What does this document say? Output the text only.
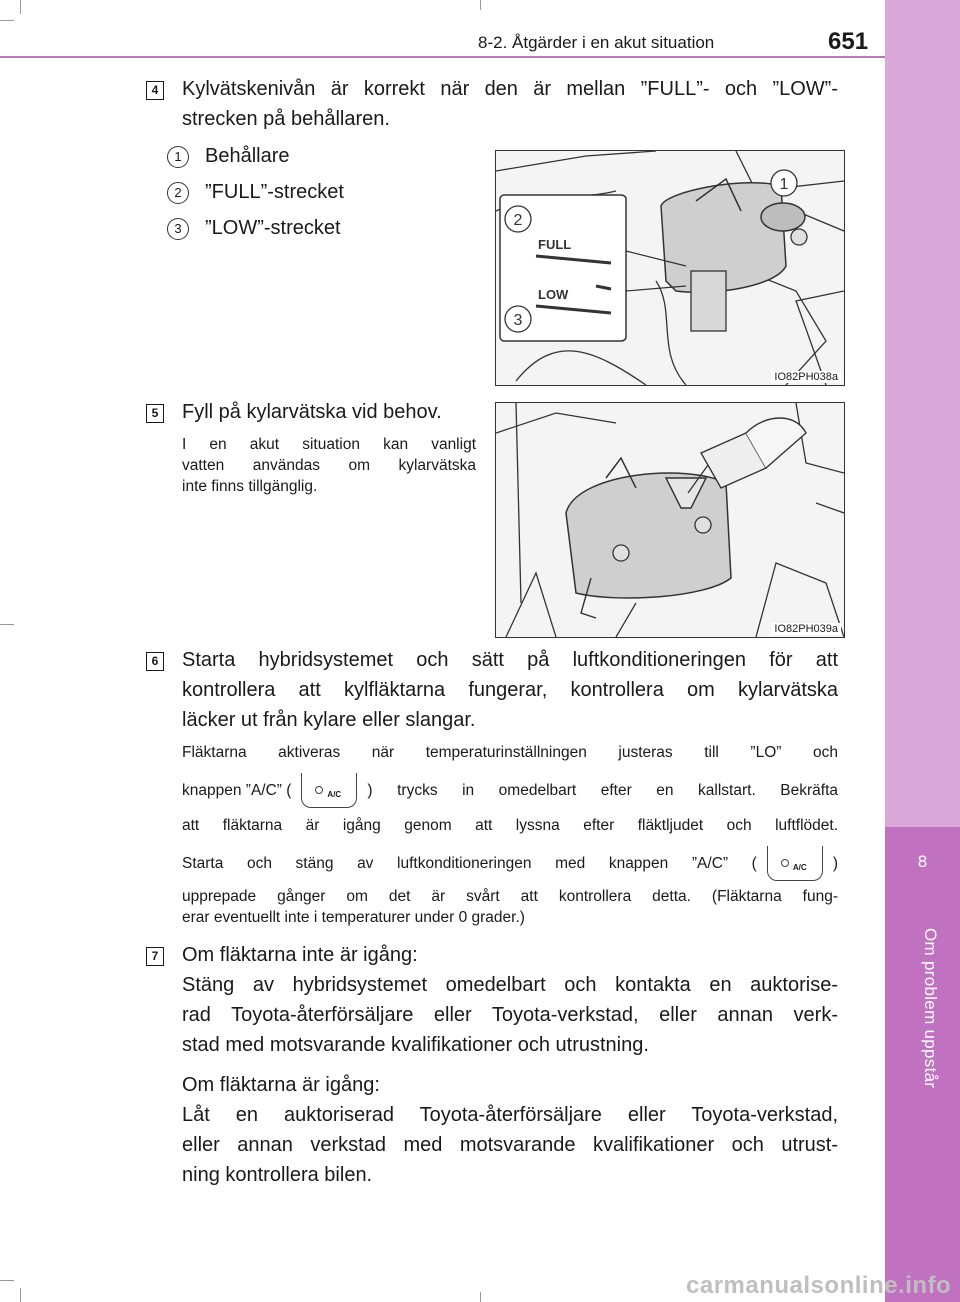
8
Om problem uppstår
8-2. Åtgärder i en akut situation	651
4 Kylvätskenivån är korrekt när den är mellan ”FULL”- och ”LOW”-
strecken på behållaren.
1	Behållare
2	”FULL”-strecket
3	”LOW”-strecket
FULL
LOW
2
3
1
IO82PH038a
5 Fyll på kylarvätska vid behov.
I en akut situation kan vanligt
vatten användas om kylarvätska
inte finns tillgänglig.
IO82PH039a
6 Starta hybridsystemet och sätt på luftkonditioneringen för att
kontrollera att kylfläktarna fungerar, kontrollera om kylarvätska
läcker ut från kylare eller slangar.
Fläktarna aktiveras när temperaturinställningen justeras till ”LO” och
knappen ”A/C” (	A/C ) trycks in omedelbart efter en kallstart. Bekräfta
att fläktarna är igång genom att lyssna efter fläktljudet och luftflödet.
Starta och stäng av luftkonditioneringen med knappen ”A/C” (	A/C )
upprepade gånger om det är svårt att kontrollera detta. (Fläktarna fung-
erar eventuellt inte i temperaturer under 0 grader.)
7 Om fläktarna inte är igång:
Stäng av hybridsystemet omedelbart och kontakta en auktorise-
rad Toyota-återförsäljare eller Toyota-verkstad, eller annan verk-
stad med motsvarande kvalifikationer och utrustning.
Om fläktarna är igång:
Låt en auktoriserad Toyota-återförsäljare eller Toyota-verkstad,
eller annan verkstad med motsvarande kvalifikationer och utrust-
ning kontrollera bilen.
carmanualsonline.info
